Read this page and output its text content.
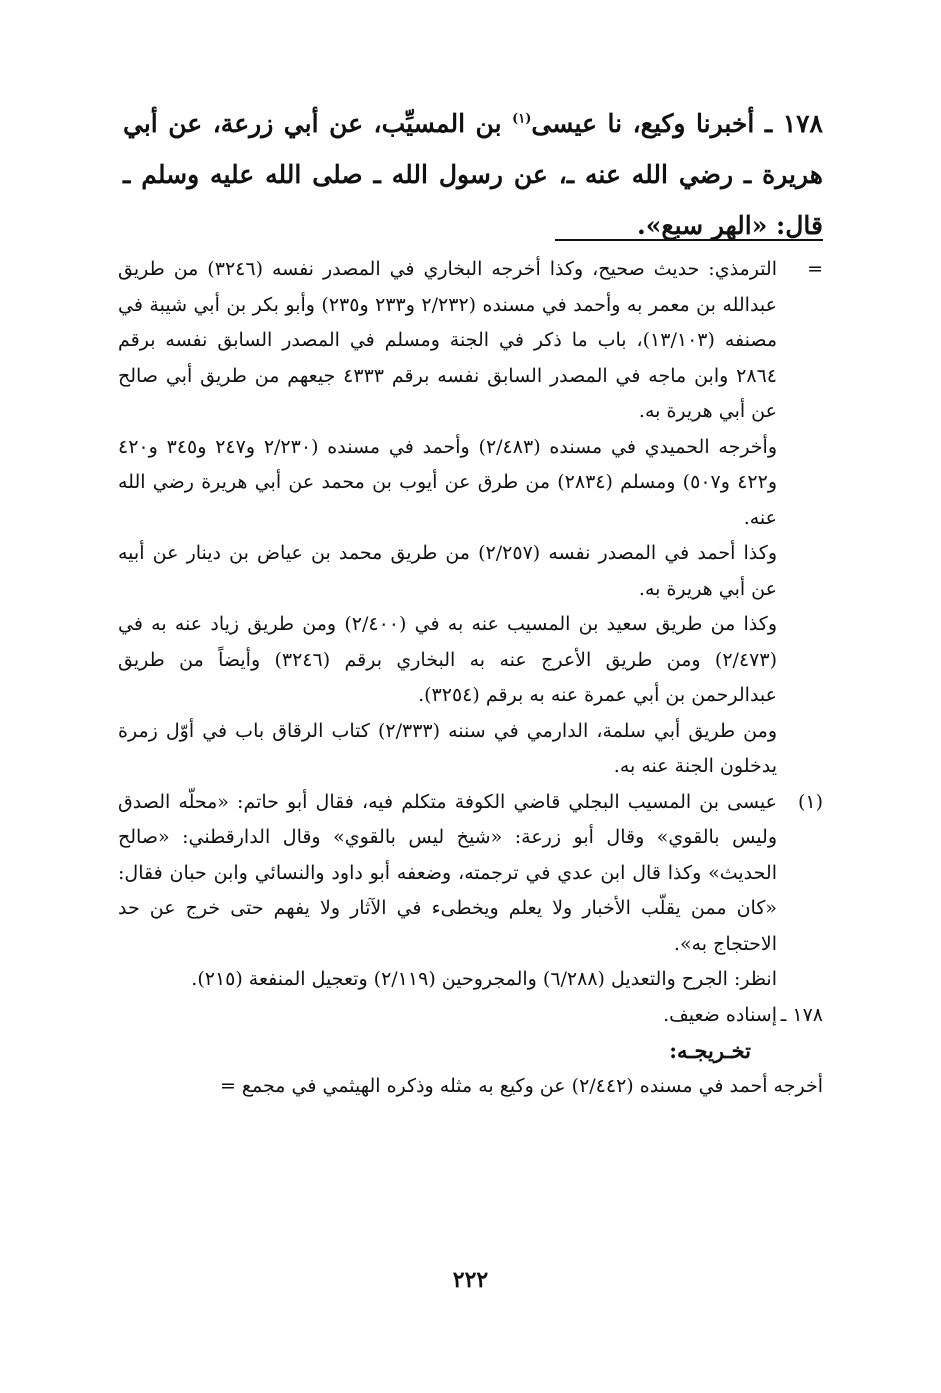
١٧٨ ـ أخبرنا وكيع، نا عيسى$^{(١)}$ بن المسيِّب، عن أبي زرعة، عن أبي هريرة ـ رضي الله عنه ـ، عن رسول الله ـ صلى الله عليه وسلم ـ قال: «الهر سبع».

=

الترمذي: حديث صحيح، وكذا أخرجه البخاري في المصدر نفسه (٣٢٤٦) من طريق عبدالله بن معمر به وأحمد في مسنده (٢/٢٣٢ و٢٣٣ و٢٣٥) وأبو بكر بن أبي شيبة في مصنفه (١٣/١٠٣)، باب ما ذكر في الجنة ومسلم في المصدر السابق نفسه برقم ٢٨٦٤ وابن ماجه في المصدر السابق نفسه برقم ٤٣٣٣ جيعهم من طريق أبي صالح عن أبي هريرة به.

وأخرجه الحميدي في مسنده (٢/٤٨٣) وأحمد في مسنده (٢/٢٣٠ و٢٤٧ و٣٤٥ و٤٢٠ و٤٢٢ و٥٠٧) ومسلم (٢٨٣٤) من طرق عن أيوب بن محمد عن أبي هريرة رضي الله عنه.

وكذا أحمد في المصدر نفسه (٢/٢٥٧) من طريق محمد بن عياض بن دينار عن أبيه عن أبي هريرة به.

وكذا من طريق سعيد بن المسيب عنه به في (٢/٤٠٠) ومن طريق زياد عنه به في (٢/٤٧٣) ومن طريق الأعرج عنه به البخاري برقم (٣٢٤٦) وأيضاً من طريق عبدالرحمن بن أبي عمرة عنه به برقم (٣٢٥٤).

ومن طريق أبي سلمة، الدارمي في سننه (٢/٣٣٣) كتاب الرقاق باب في أوّل زمرة يدخلون الجنة عنه به.

(١)

عيسى بن المسيب البجلي قاضي الكوفة متكلم فيه، فقال أبو حاتم: «محلّه الصدق وليس بالقوي» وقال أبو زرعة: «شيخ ليس بالقوي» وقال الدارقطني: «صالح الحديث» وكذا قال ابن عدي في ترجمته، وضعفه أبو داود والنسائي وابن حبان فقال: «كان ممن يقلّب الأخبار ولا يعلم ويخطىء في الآثار ولا يفهم حتى خرج عن حد الاحتجاج به».

انظر: الجرح والتعديل (٦/٢٨٨) والمجروحين (٢/١١٩) وتعجيل المنفعة (٢١٥).

١٧٨ ـ
إسناده ضعيف.

تخـريجـه:

أخرجه أحمد في مسنده (٢/٤٤٢) عن وكيع به مثله وذكره الهيثمي في مجمع =

٢٢٢
